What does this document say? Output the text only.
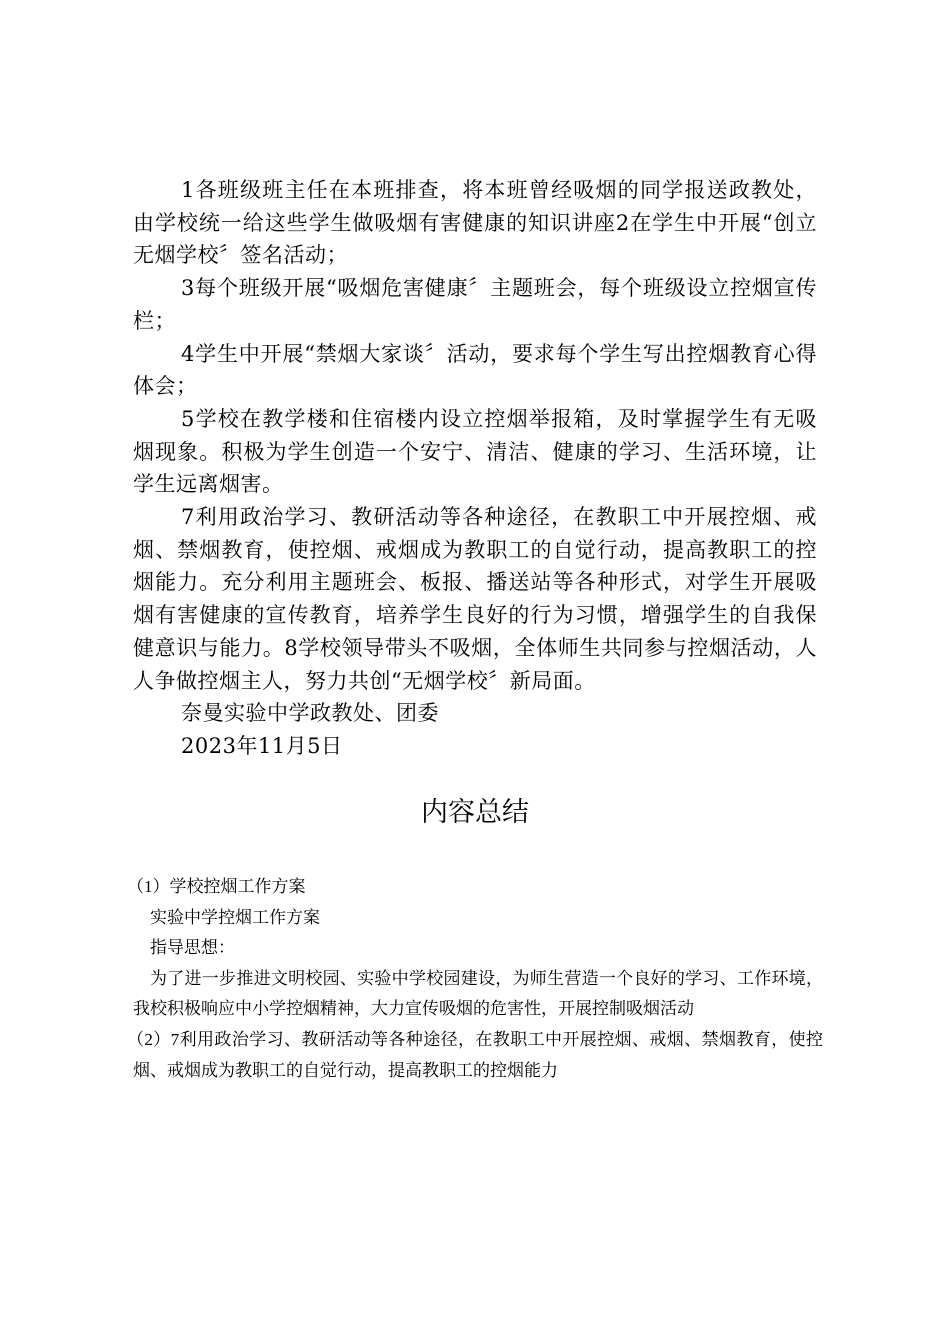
1各班级班主任在本班排查，将本班曾经吸烟的同学报送政教处，由学校统一给这些学生做吸烟有害健康的知识讲座2在学生中开展“创立无烟学校〞签名活动；

3每个班级开展“吸烟危害健康〞主题班会，每个班级设立控烟宣传栏；

4学生中开展“禁烟大家谈〞活动，要求每个学生写出控烟教育心得体会；

5学校在教学楼和住宿楼内设立控烟举报箱，及时掌握学生有无吸烟现象。积极为学生创造一个安宁、清洁、健康的学习、生活环境，让学生远离烟害。

7利用政治学习、教研活动等各种途径，在教职工中开展控烟、戒烟、禁烟教育，使控烟、戒烟成为教职工的自觉行动，提高教职工的控烟能力。充分利用主题班会、板报、播送站等各种形式，对学生开展吸烟有害健康的宣传教育，培养学生良好的行为习惯，增强学生的自我保健意识与能力。8学校领导带头不吸烟，全体师生共同参与控烟活动，人人争做控烟主人，努力共创“无烟学校〞新局面。

奈曼实验中学政教处、团委

2023年11月5日

内容总结

（1）学校控烟工作方案

实验中学控烟工作方案

指导思想：

为了进一步推进文明校园、实验中学校园建设，为师生营造一个良好的学习、工作环境，我校积极响应中小学控烟精神，大力宣传吸烟的危害性，开展控制吸烟活动

（2）7利用政治学习、教研活动等各种途径，在教职工中开展控烟、戒烟、禁烟教育，使控烟、戒烟成为教职工的自觉行动，提高教职工的控烟能力
